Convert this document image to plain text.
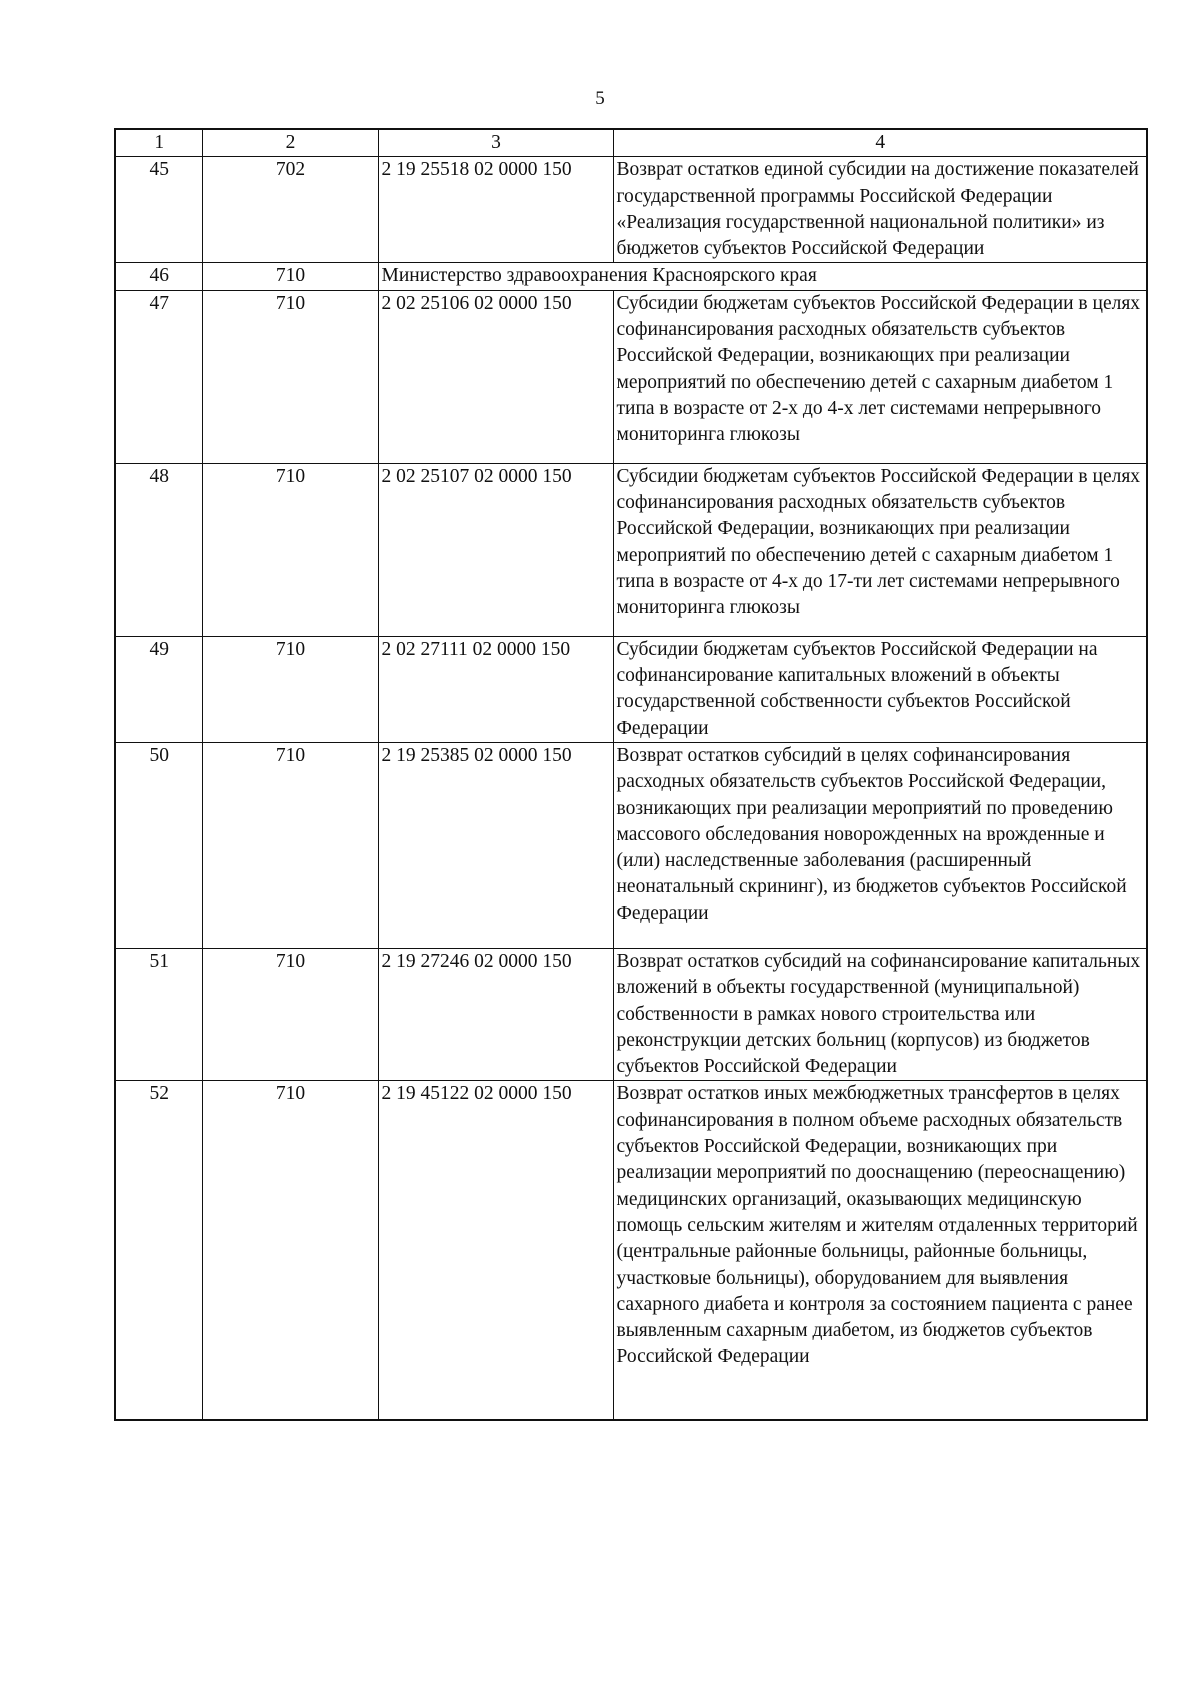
5
1	2	3	4
45	702	2 19 25518 02 0000 150	Возврат остатков единой субсидии на достижение показателей государственной программы Российской Федерации «Реализация государственной национальной политики» из бюджетов субъектов Российской Федерации
46	710	Министерство здравоохранения Красноярского края	
47	710	2 02 25106 02 0000 150	Субсидии бюджетам субъектов Российской Федерации в целях софинансирования расходных обязательств субъектов Российской Федерации, возникающих при реализации мероприятий по обеспечению детей с сахарным диабетом 1 типа в возрасте от 2-х до 4-х лет системами непрерывного мониторинга глюкозы
48	710	2 02 25107 02 0000 150	Субсидии бюджетам субъектов Российской Федерации в целях софинансирования расходных обязательств субъектов Российской Федерации, возникающих при реализации мероприятий по обеспечению детей с сахарным диабетом 1 типа в возрасте от 4-х до 17-ти лет системами непрерывного мониторинга глюкозы
49	710	2 02 27111 02 0000 150	Субсидии бюджетам субъектов Российской Федерации на софинансирование капитальных вложений в объекты государственной собственности субъектов Российской Федерации
50	710	2 19 25385 02 0000 150	Возврат остатков субсидий в целях софинансирования расходных обязательств субъектов Российской Федерации, возникающих при реализации мероприятий по проведению массового обследования новорожденных на врожденные и (или) наследственные заболевания (расширенный неонатальный скрининг), из бюджетов субъектов Российской Федерации
51	710	2 19 27246 02 0000 150	Возврат остатков субсидий на софинансирование капитальных вложений в объекты государственной (муниципальной) собственности в рамках нового строительства или реконструкции детских больниц (корпусов) из бюджетов субъектов Российской Федерации
52	710	2 19 45122 02 0000 150	Возврат остатков иных межбюджетных трансфертов в целях софинансирования в полном объеме расходных обязательств субъектов Российской Федерации, возникающих при реализации мероприятий по дооснащению (переоснащению) медицинских организаций, оказывающих медицинскую помощь сельским жителям и жителям отдаленных территорий (центральные районные больницы, районные больницы, участковые больницы), оборудованием для выявления сахарного диабета и контроля за состоянием пациента с ранее выявленным сахарным диабетом, из бюджетов субъектов Российской Федерации
